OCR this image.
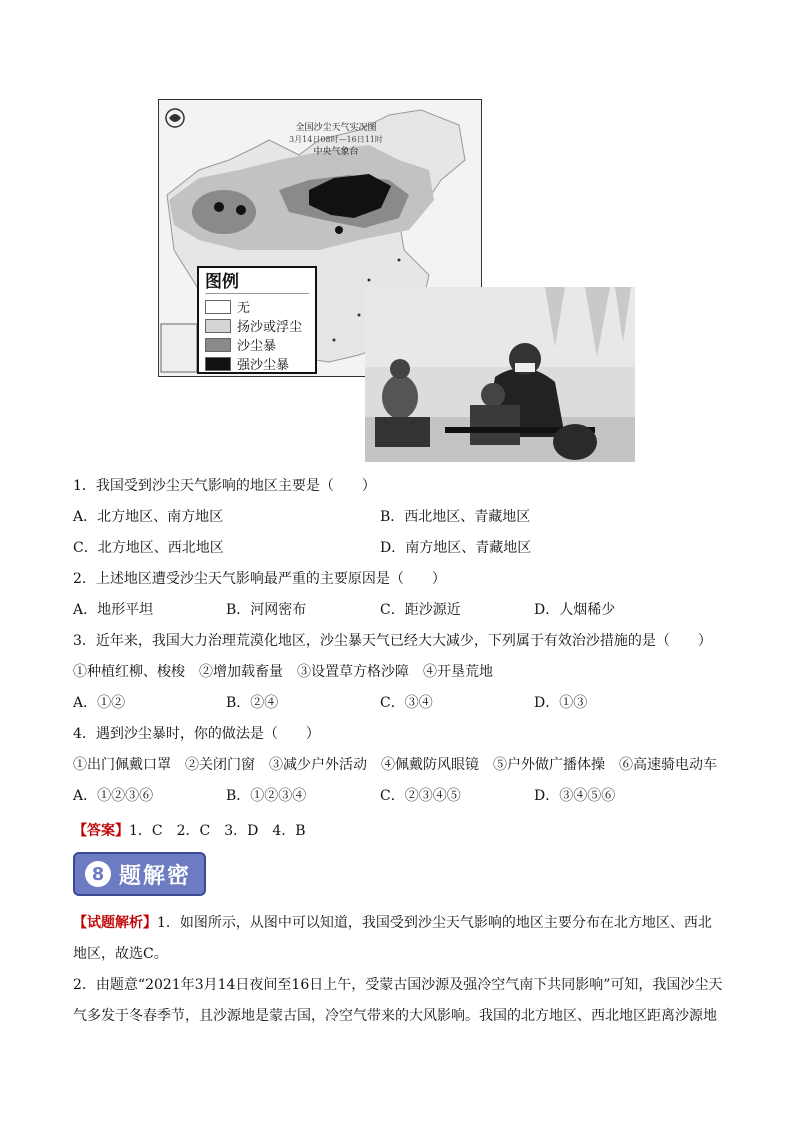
全国沙尘天气实况图
3月14日08时—16日11时
中央气象台
图例
无
扬沙或浮尘
沙尘暴
强沙尘暴
1．我国受到沙尘天气影响的地区主要是（　　）
A．北方地区、南方地区	B．西北地区、青藏地区
C．北方地区、西北地区	D．南方地区、青藏地区
2．上述地区遭受沙尘天气影响最严重的主要原因是（　　）
A．地形平坦	B．河网密布	C．距沙源近	D．人烟稀少
3．近年来，我国大力治理荒漠化地区，沙尘暴天气已经大大减少，下列属于有效治沙措施的是（　　）
①种植红柳、梭梭　②增加载畜量　③设置草方格沙障　④开垦荒地
A．①②	B．②④	C．③④	D．①③
4．遇到沙尘暴时，你的做法是（　　）
①出门佩戴口罩　②关闭门窗　③减少户外活动　④佩戴防风眼镜　⑤户外做广播体操　⑥高速骑电动车
A．①②③⑥	B．①②③④	C．②③④⑤	D．③④⑤⑥
【答案】1．C　2．C　3．D　4．B
8 题解密
【试题解析】1．如图所示，从图中可以知道，我国受到沙尘天气影响的地区主要分布在北方地区、西北地区，故选C。
2．由题意“2021年3月14日夜间至16日上午，受蒙古国沙源及强冷空气南下共同影响”可知，我国沙尘天气多发于冬春季节，且沙源地是蒙古国，冷空气带来的大风影响。我国的北方地区、西北地区距离沙源地
